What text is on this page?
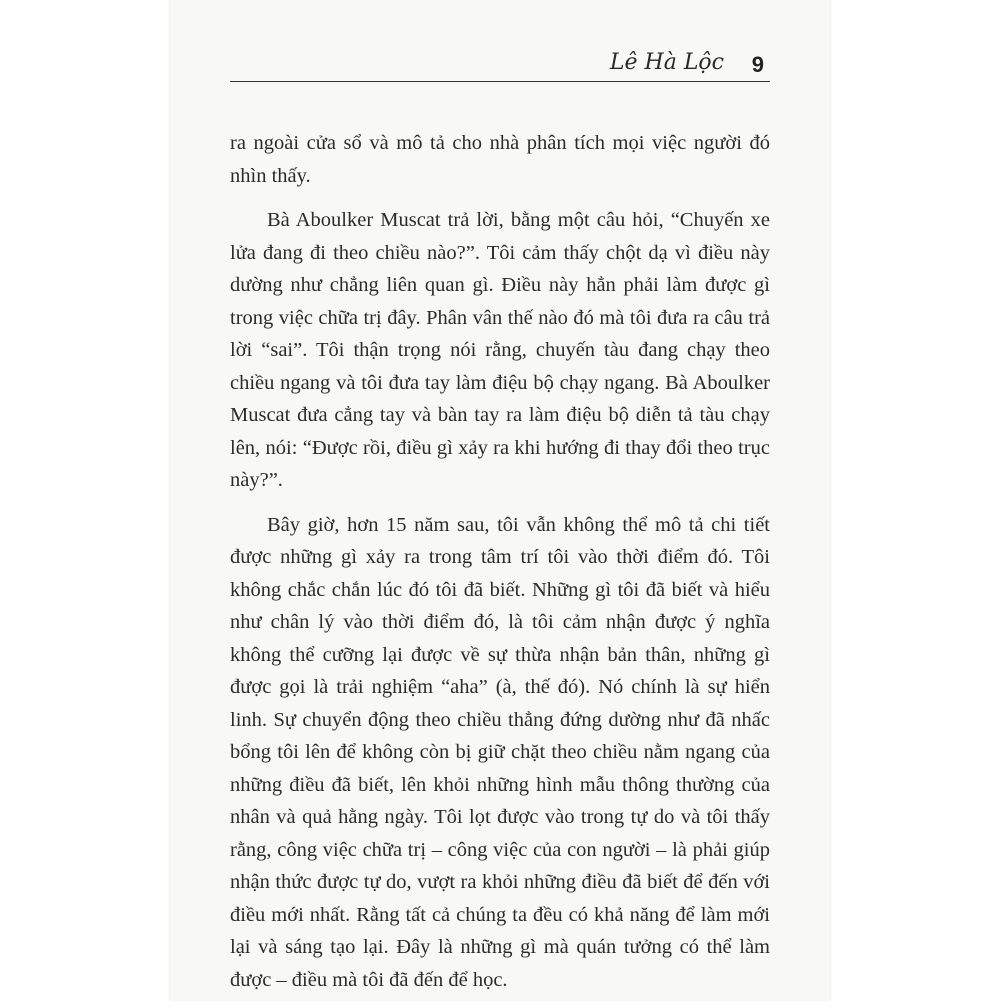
Lê Hà Lộc 9

ra ngoài cửa sổ và mô tả cho nhà phân tích mọi việc người đó nhìn thấy.

Bà Aboulker Muscat trả lời, bằng một câu hỏi, “Chuyến xe lửa đang đi theo chiều nào?”. Tôi cảm thấy chột dạ vì điều này dường như chẳng liên quan gì. Điều này hẳn phải làm được gì trong việc chữa trị đây. Phân vân thế nào đó mà tôi đưa ra câu trả lời “sai”. Tôi thận trọng nói rằng, chuyến tàu đang chạy theo chiều ngang và tôi đưa tay làm điệu bộ chạy ngang. Bà Aboulker Muscat đưa cẳng tay và bàn tay ra làm điệu bộ diễn tả tàu chạy lên, nói: “Được rồi, điều gì xảy ra khi hướng đi thay đổi theo trục này?”.

Bây giờ, hơn 15 năm sau, tôi vẫn không thể mô tả chi tiết được những gì xảy ra trong tâm trí tôi vào thời điểm đó. Tôi không chắc chắn lúc đó tôi đã biết. Những gì tôi đã biết và hiểu như chân lý vào thời điểm đó, là tôi cảm nhận được ý nghĩa không thể cưỡng lại được về sự thừa nhận bản thân, những gì được gọi là trải nghiệm “aha” (à, thế đó). Nó chính là sự hiển linh. Sự chuyển động theo chiều thẳng đứng dường như đã nhấc bổng tôi lên để không còn bị giữ chặt theo chiều nằm ngang của những điều đã biết, lên khỏi những hình mẫu thông thường của nhân và quả hằng ngày. Tôi lọt được vào trong tự do và tôi thấy rằng, công việc chữa trị – công việc của con người – là phải giúp nhận thức được tự do, vượt ra khỏi những điều đã biết để đến với điều mới nhất. Rằng tất cả chúng ta đều có khả năng để làm mới lại và sáng tạo lại. Đây là những gì mà quán tưởng có thể làm được – điều mà tôi đã đến để học.
